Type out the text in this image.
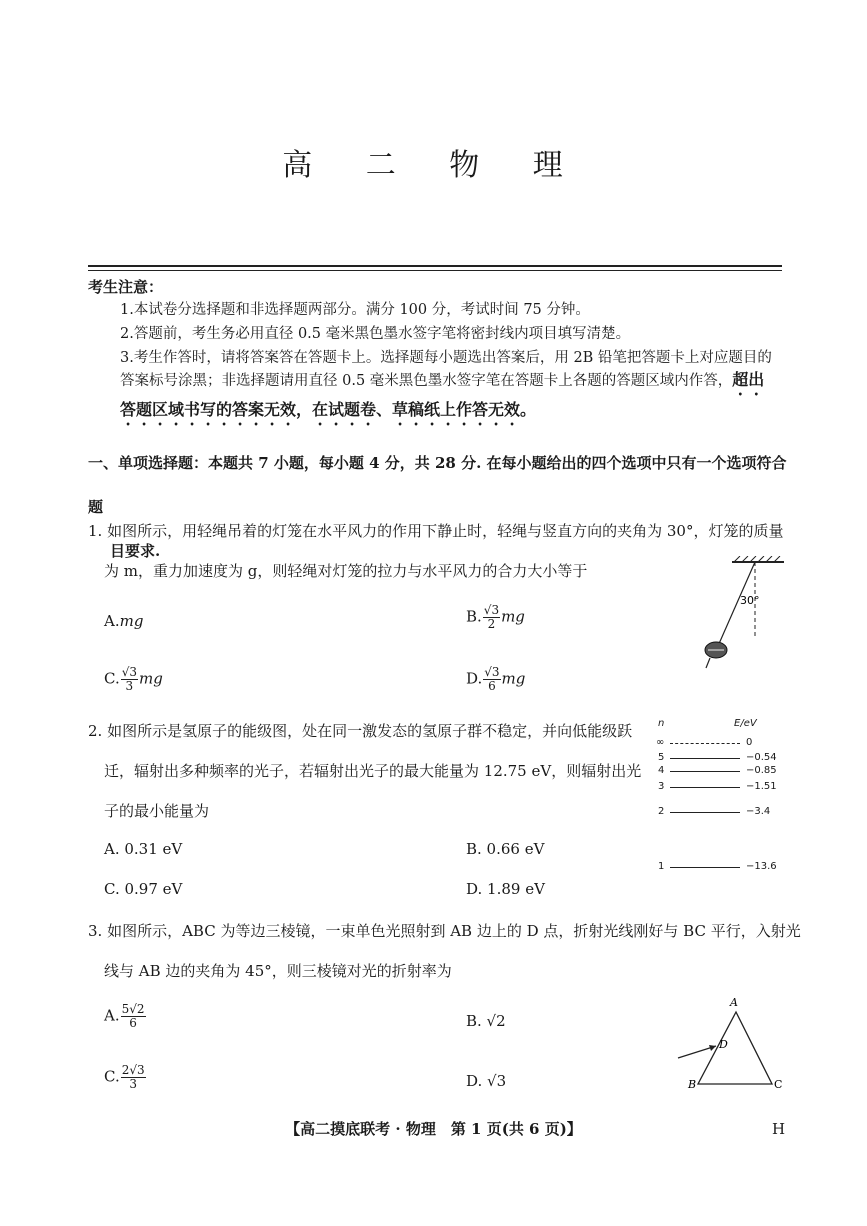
高 二 物 理
考生注意：
1.本试卷分选择题和非选择题两部分。满分 100 分，考试时间 75 分钟。
2.答题前，考生务必用直径 0.5 毫米黑色墨水签字笔将密封线内项目填写清楚。
3.考生作答时，请将答案答在答题卡上。选择题每小题选出答案后，用 2B 铅笔把答题卡上对应题目的答案标号涂黑；非选择题请用直径 0.5 毫米黑色墨水签字笔在答题卡上各题的答题区域内作答，超出答题区域书写的答案无效，在试题卷、草稿纸上作答无效。
一、单项选择题：本题共 7 小题，每小题 4 分，共 28 分. 在每小题给出的四个选项中只有一个选项符合题
目要求.
1. 如图所示，用轻绳吊着的灯笼在水平风力的作用下静止时，轻绳与竖直方向的夹角为 30°，灯笼的质量
为 m，重力加速度为 g，则轻绳对灯笼的拉力与水平风力的合力大小等于
A.mg	B. $\frac{√3}{2}$ mg
C. $\frac{√3}{3}$ mg	D. $\frac{√3}{6}$ mg
30°
2. 如图所示是氢原子的能级图，处在同一激发态的氢原子群不稳定，并向低能级跃
迁，辐射出多种频率的光子，若辐射出光子的最大能量为 12.75 eV，则辐射出光
子的最小能量为
A. 0.31 eV	B. 0.66 eV
C. 0.97 eV	D. 1.89 eV
n	E/eV
∞	0
5	−0.54
4	−0.85
3	−1.51
2	−3.4
1	−13.6
3. 如图所示，ABC 为等边三棱镜，一束单色光照射到 AB 边上的 D 点，折射光线刚好与 BC 平行，入射光
线与 AB 边的夹角为 45°，则三棱镜对光的折射率为
A. $\frac{5√2}{6}$	B. √2
C. $\frac{2√3}{3}$	D. √3
A
B	C
D
【高二摸底联考 · 物理　第 1 页(共 6 页)】	H
